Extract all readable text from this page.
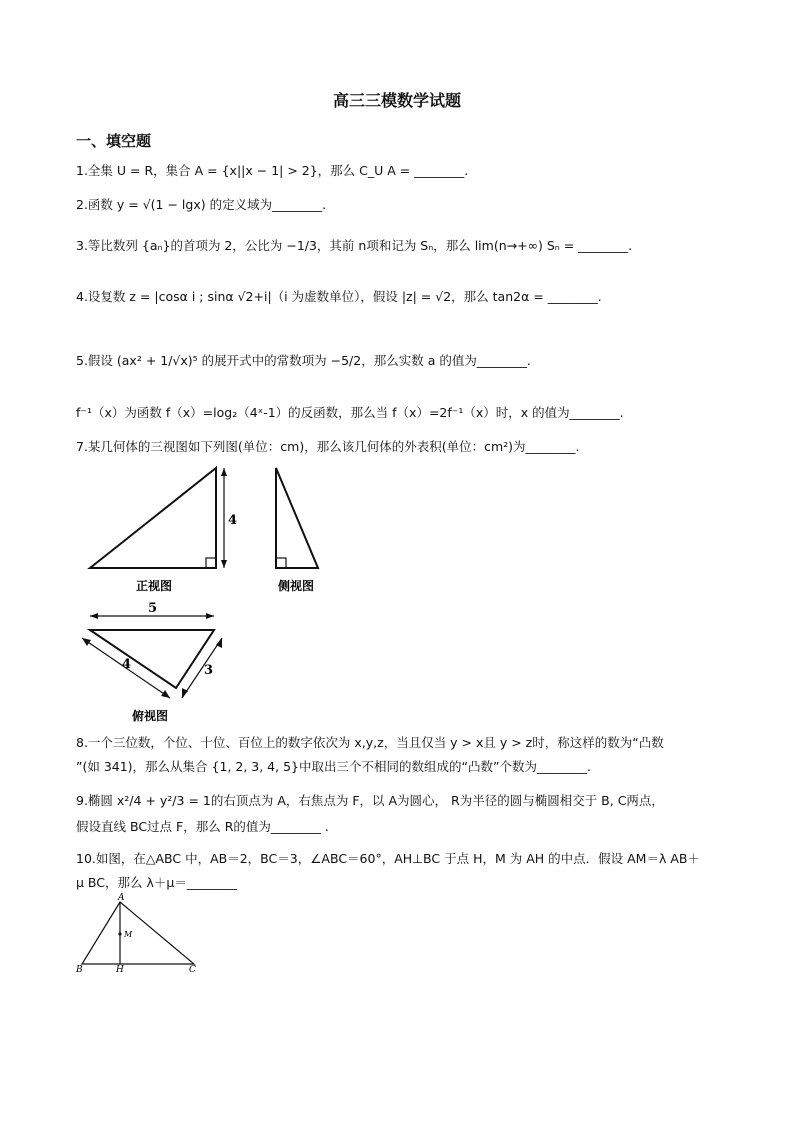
高三三模数学试题
一、填空题
1.全集 U = R，集合 A = {x||x − 1| > 2}，那么 C_U A = ________.
2.函数 y = √(1 − lgx) 的定义域为________.
3.等比数列 {aₙ}的首项为 2，公比为 −1/3，其前 n项和记为 Sₙ，那么 lim(n→+∞) Sₙ = ________.
4.设复数 z = |cosα i ; sinα √2+i|（i 为虚数单位），假设 |z| = √2，那么 tan2α = ________.
5.假设 (ax² + 1/√x)⁵ 的展开式中的常数项为 −5/2，那么实数 a 的值为________.
f⁻¹（x）为函数 f（x）=log₂（4ˣ-1）的反函数，那么当 f（x）=2f⁻¹（x）时，x 的值为________.
7.某几何体的三视图如下列图(单位：cm)，那么该几何体的外表积(单位：cm²)为________.
4
正视图	侧视图
5
4	3
俯视图
8.一个三位数，个位、十位、百位上的数字依次为 x,y,z，当且仅当 y > x且 y > z时，称这样的数为“凸数
”(如 341)，那么从集合 {1, 2, 3, 4, 5}中取出三个不相同的数组成的“凸数”个数为________.
9.椭圆 x²/4 + y²/3 = 1的右顶点为 A，右焦点为 F，以 A为圆心， R为半径的圆与椭圆相交于 B, C两点，
假设直线 BC过点 F，那么 R的值为________ .
10.如图，在△ABC 中，AB＝2，BC＝3，∠ABC＝60°，AH⊥BC 于点 H，M 为 AH 的中点．假设 AM＝λ AB＋
μ BC，那么 λ＋μ＝________
A
M
B	H	C
